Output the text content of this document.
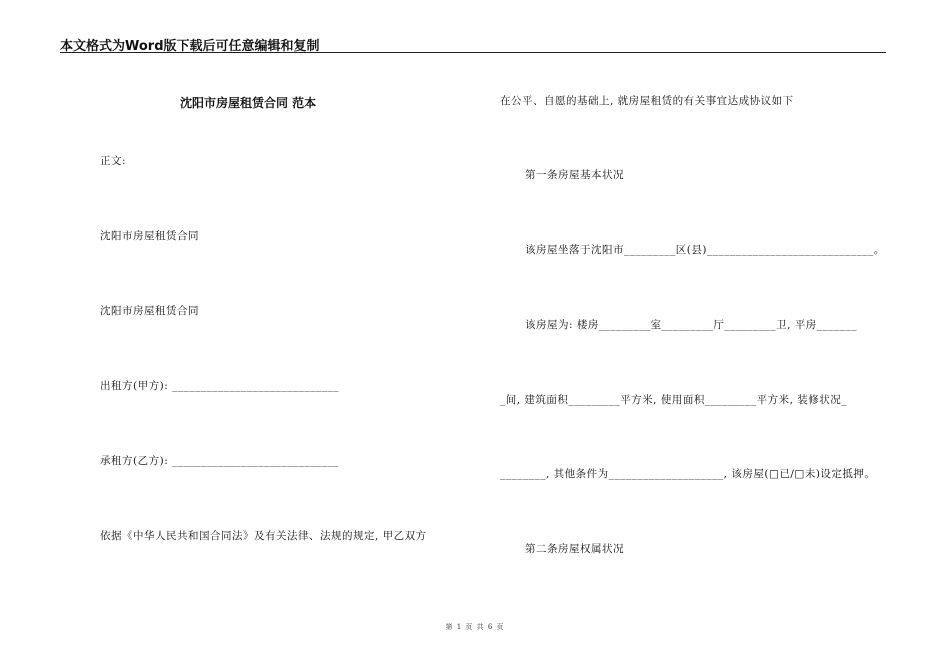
本文格式为Word版下载后可任意编辑和复制
沈阳市房屋租赁合同 范本
正文:
沈阳市房屋租赁合同
沈阳市房屋租赁合同
出租方(甲方): _____________________________
承租方(乙方): _____________________________
依据《中华人民共和国合同法》及有关法律、法规的规定, 甲乙双方
在公平、自愿的基础上, 就房屋租赁的有关事宜达成协议如下
第一条房屋基本状况
该房屋坐落于沈阳市_________区(县)_____________________________。
该房屋为: 楼房_________室_________厅_________卫, 平房_______
_间, 建筑面积_________平方米, 使用面积_________平方米, 装修状况_
________, 其他条件为____________________, 该房屋(□已/□未)设定抵押。
第二条房屋权属状况
第 1 页 共 6 页
